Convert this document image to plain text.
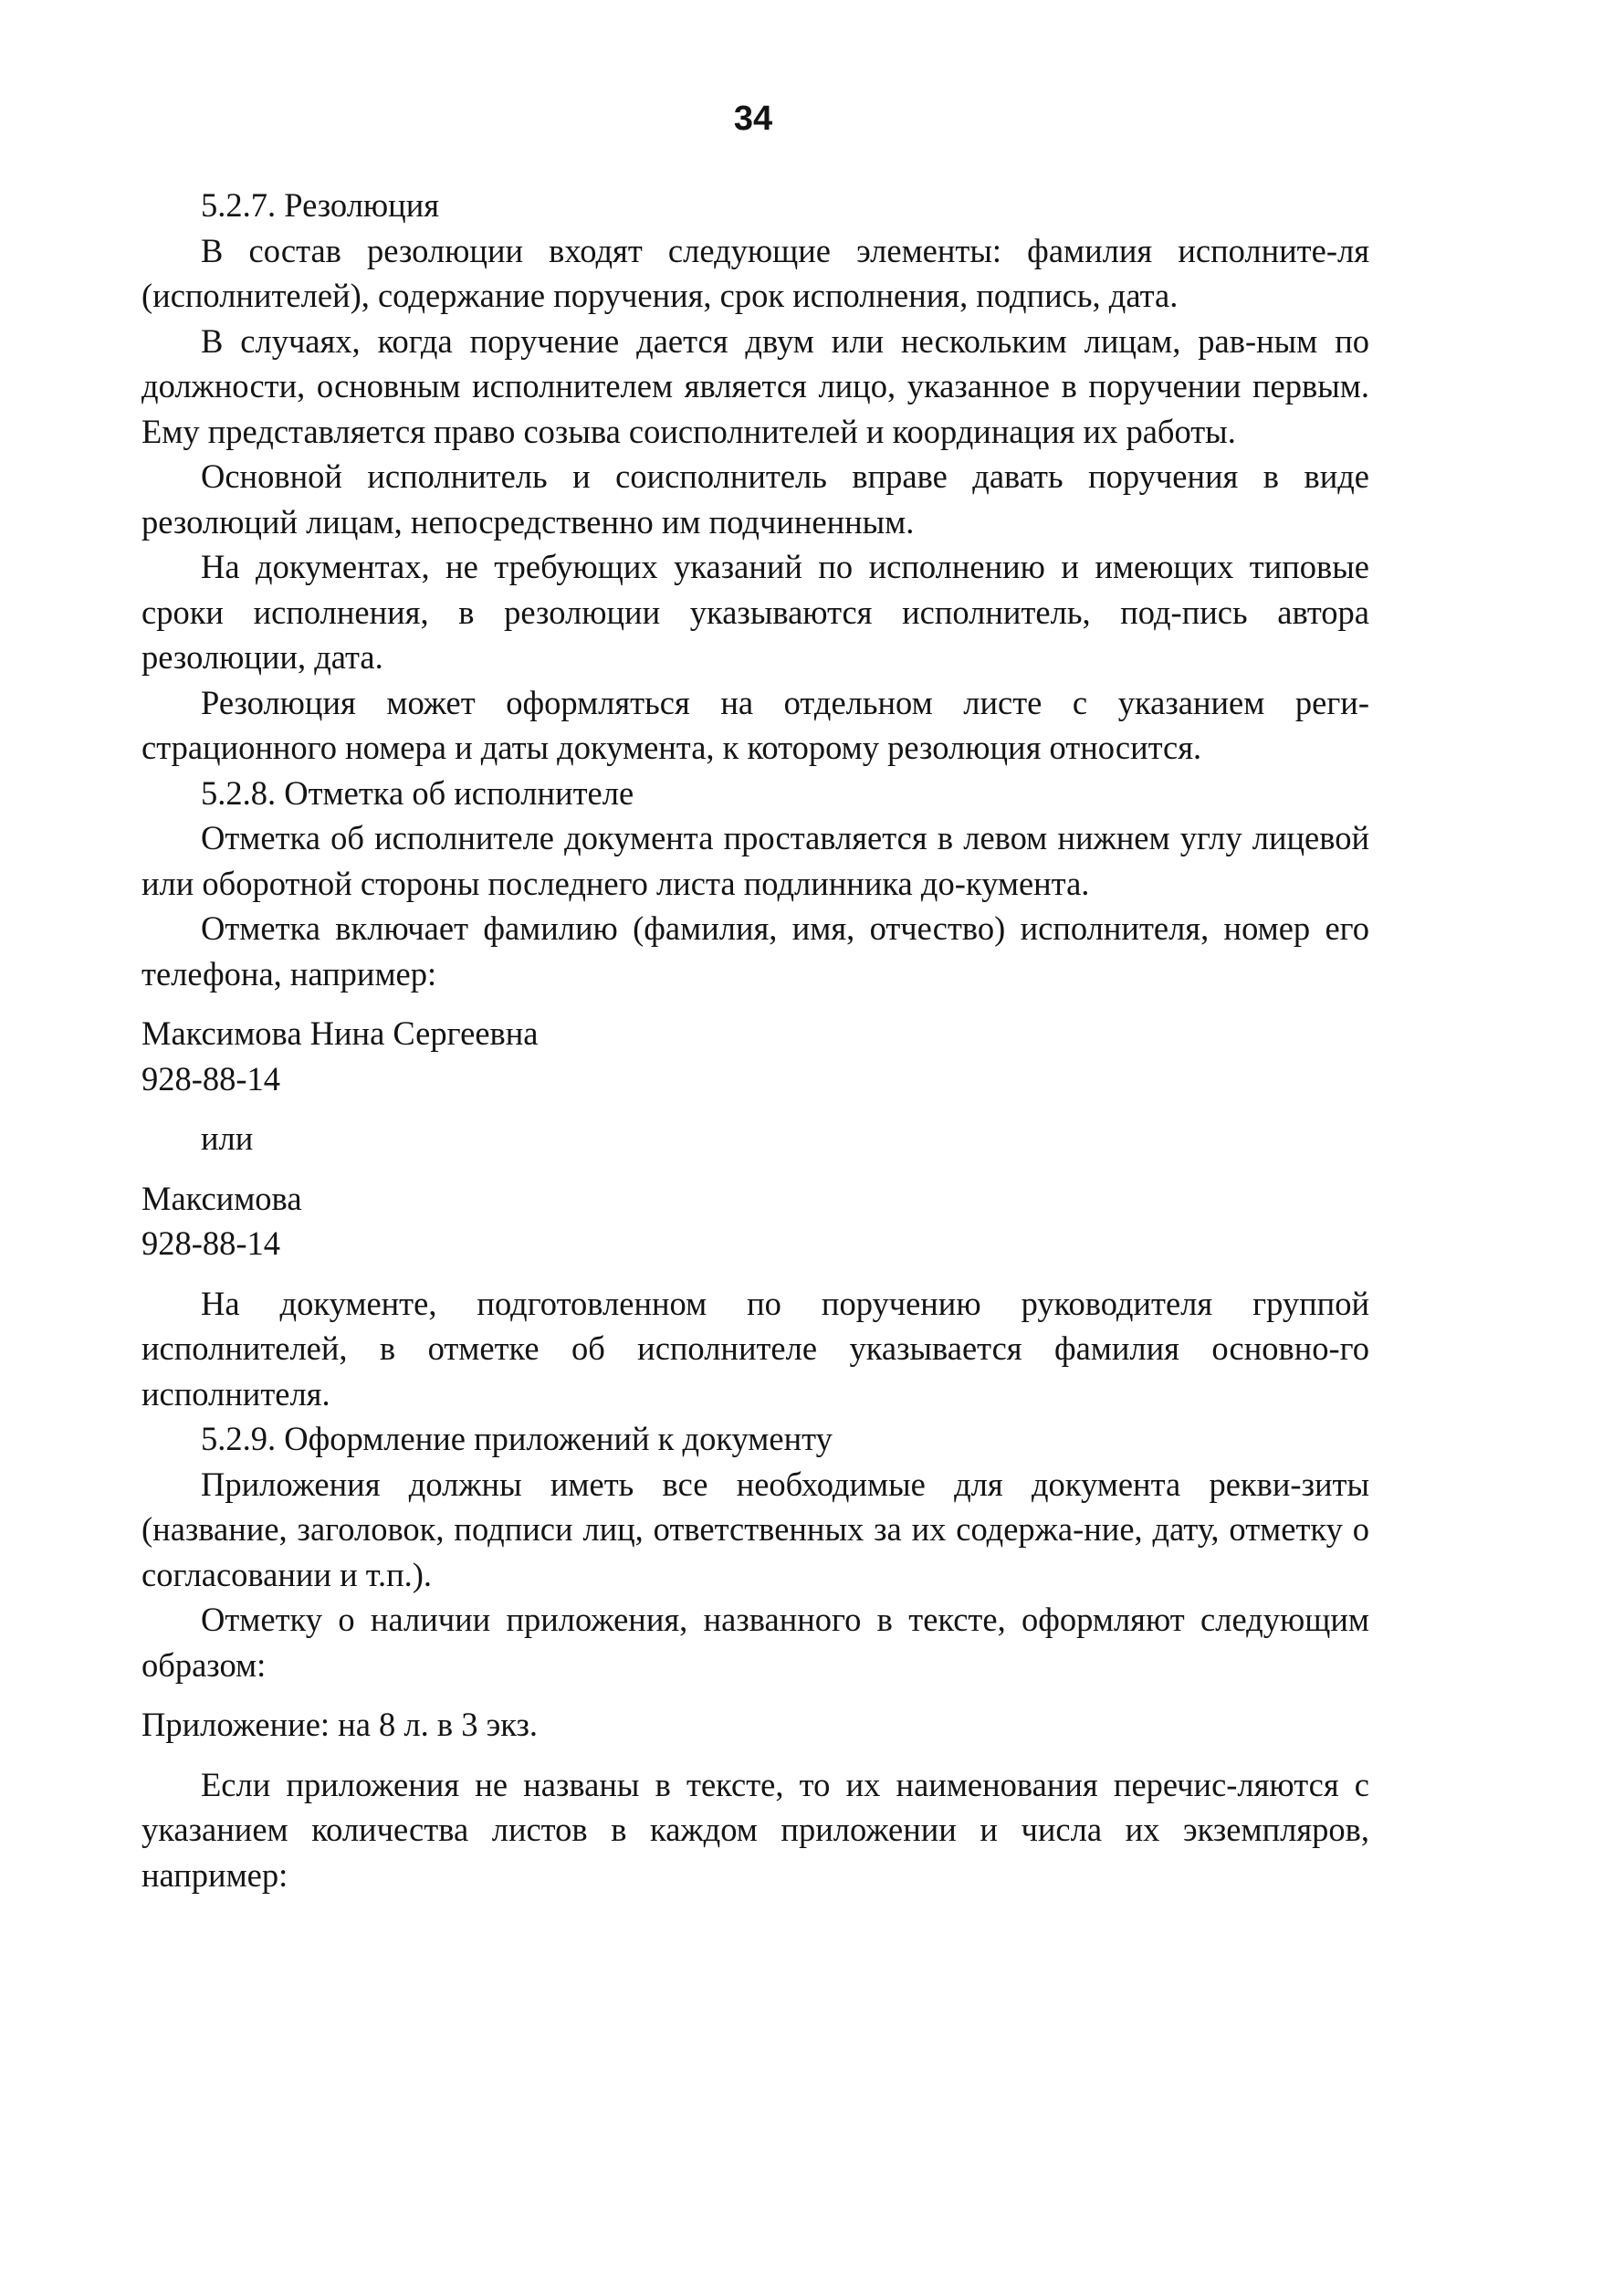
34

5.2.7. Резолюция

В состав резолюции входят следующие элементы: фамилия исполните-ля (исполнителей), содержание поручения, срок исполнения, подпись, дата.

В случаях, когда поручение дается двум или нескольким лицам, рав-ным по должности, основным исполнителем является лицо, указанное в поручении первым. Ему представляется право созыва соисполнителей и координация их работы.

Основной исполнитель и соисполнитель вправе давать поручения в виде резолюций лицам, непосредственно им подчиненным.

На документах, не требующих указаний по исполнению и имеющих типовые сроки исполнения, в резолюции указываются исполнитель, под-пись автора резолюции, дата.

Резолюция может оформляться на отдельном листе с указанием реги-страционного номера и даты документа, к которому резолюция относится.

5.2.8. Отметка об исполнителе

Отметка об исполнителе документа проставляется в левом нижнем углу лицевой или оборотной стороны последнего листа подлинника до-кумента.

Отметка включает фамилию (фамилия, имя, отчество) исполнителя, номер его телефона, например:

Максимова Нина Сергеевна
928-88-14

или

Максимова
928-88-14

На документе, подготовленном по поручению руководителя группой исполнителей, в отметке об исполнителе указывается фамилия основно-го исполнителя.

5.2.9. Оформление приложений к документу

Приложения должны иметь все необходимые для документа рекви-зиты (название, заголовок, подписи лиц, ответственных за их содержа-ние, дату, отметку о согласовании и т.п.).

Отметку о наличии приложения, названного в тексте, оформляют следующим образом:

Приложение: на 8 л. в 3 экз.

Если приложения не названы в тексте, то их наименования перечис-ляются с указанием количества листов в каждом приложении и числа их экземпляров, например:
